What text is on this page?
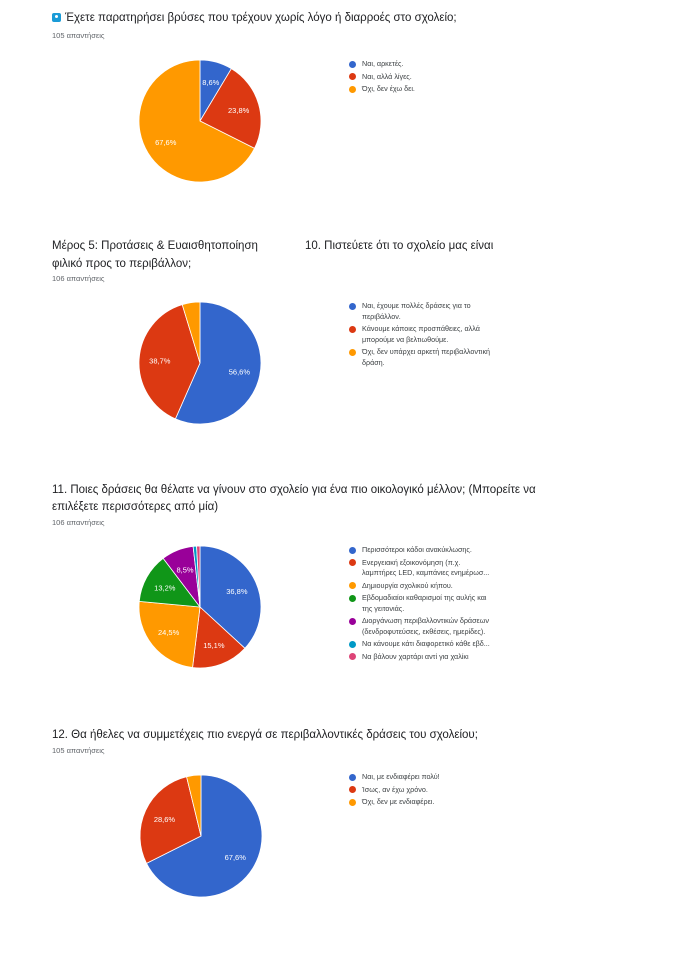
Έχετε παρατηρήσει βρύσες που τρέχουν χωρίς λόγο ή διαρροές στο σχολείο;
105 απαντήσεις
8,6%
23,8%
67,6%
Ναι, αρκετές.
Ναι, αλλά λίγες.
Όχι, δεν έχω δει.
Μέρος 5: Προτάσεις & Ευαισθητοποίηση	10. Πιστεύετε ότι το σχολείο μας είναι
φιλικό προς το περιβάλλον;
106 απαντήσεις
56,6%
38,7%
Ναι, έχουμε πολλές δράσεις για το
περιβάλλον.
Κάνουμε κάποιες προσπάθειες, αλλά
μπορούμε να βελτιωθούμε.
Όχι, δεν υπάρχει αρκετή περιβαλλοντική
δράση.
11. Ποιες δράσεις θα θέλατε να γίνουν στο σχολείο για ένα πιο οικολογικό μέλλον; (Μπορείτε να
επιλέξετε περισσότερες από μία)
106 απαντήσεις
36,8%
15,1%
24,5%
13,2%
8,5%
Περισσότεροι κάδοι ανακύκλωσης.
Ενεργειακή εξοικονόμηση (π.χ.
λαμπτήρες LED, καμπάνιες ενημέρωσ...
Δημιουργία σχολικού κήπου.
Εβδομαδιαίοι καθαρισμοί της αυλής και
της γειτονιάς.
Διοργάνωση περιβαλλοντικών δράσεων
(δενδροφυτεύσεις, εκθέσεις, ημερίδες).
Να κάνουμε κάτι διαφορετικό κάθε εβδ...
Να βάλουν χαρτάρι αντί για χαλίκι
12. Θα ήθελες να συμμετέχεις πιο ενεργά σε περιβαλλοντικές δράσεις του σχολείου;
105 απαντήσεις
67,6%
28,6%
Ναι, με ενδιαφέρει πολύ!
Ίσως, αν έχω χρόνο.
Όχι, δεν με ενδιαφέρει.
